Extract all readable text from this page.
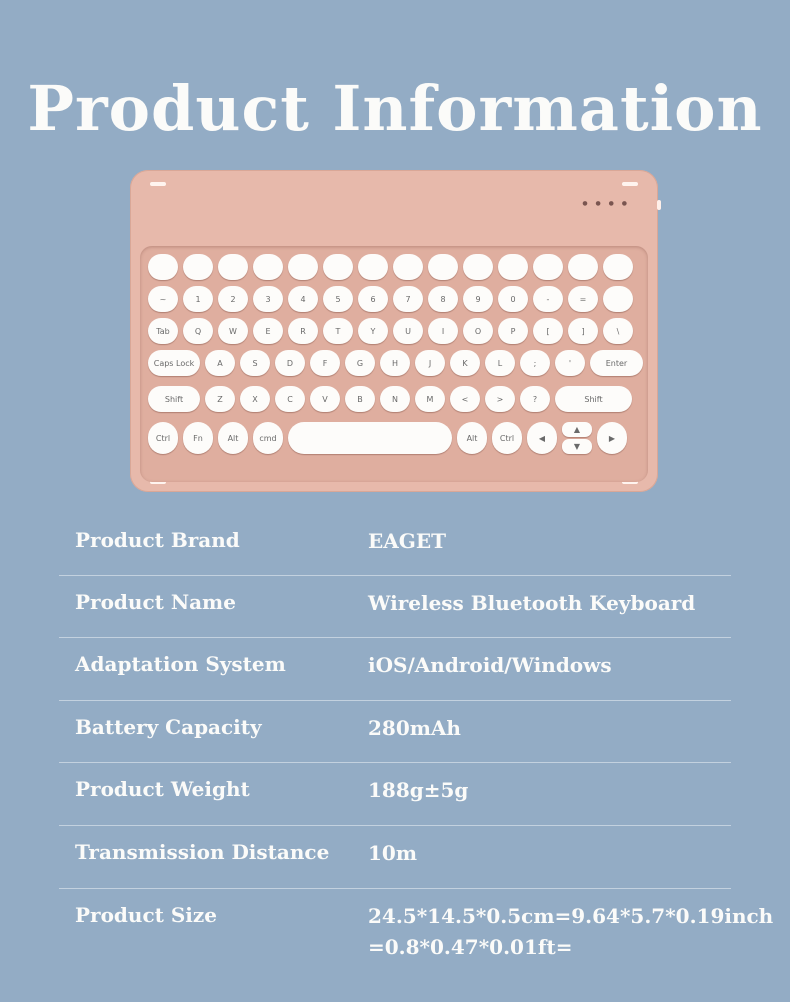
Product Information
● ● ● ●
~	1	2	3	4	5	6	7	8	9	0	-	=
Tab	Q	W	E	R	T	Y	U	I	O	P	[	]	\
Caps Lock	A	S	D	F	G	H	J	K	L	;	'	Enter
Shift	Z	X	C	V	B	N	M	<	>	?	Shift
Ctrl	Fn	Alt	cmd	Alt	Ctrl	◀
▲
▼
▶
Product Brand	EAGET
Product Name	Wireless Bluetooth Keyboard
Adaptation System	iOS/Android/Windows
Battery Capacity	280mAh
Product Weight	188g±5g
Transmission Distance 10m
Product Size	24.5*14.5*0.5cm=9.64*5.7*0.19inch
=0.8*0.47*0.01ft=
